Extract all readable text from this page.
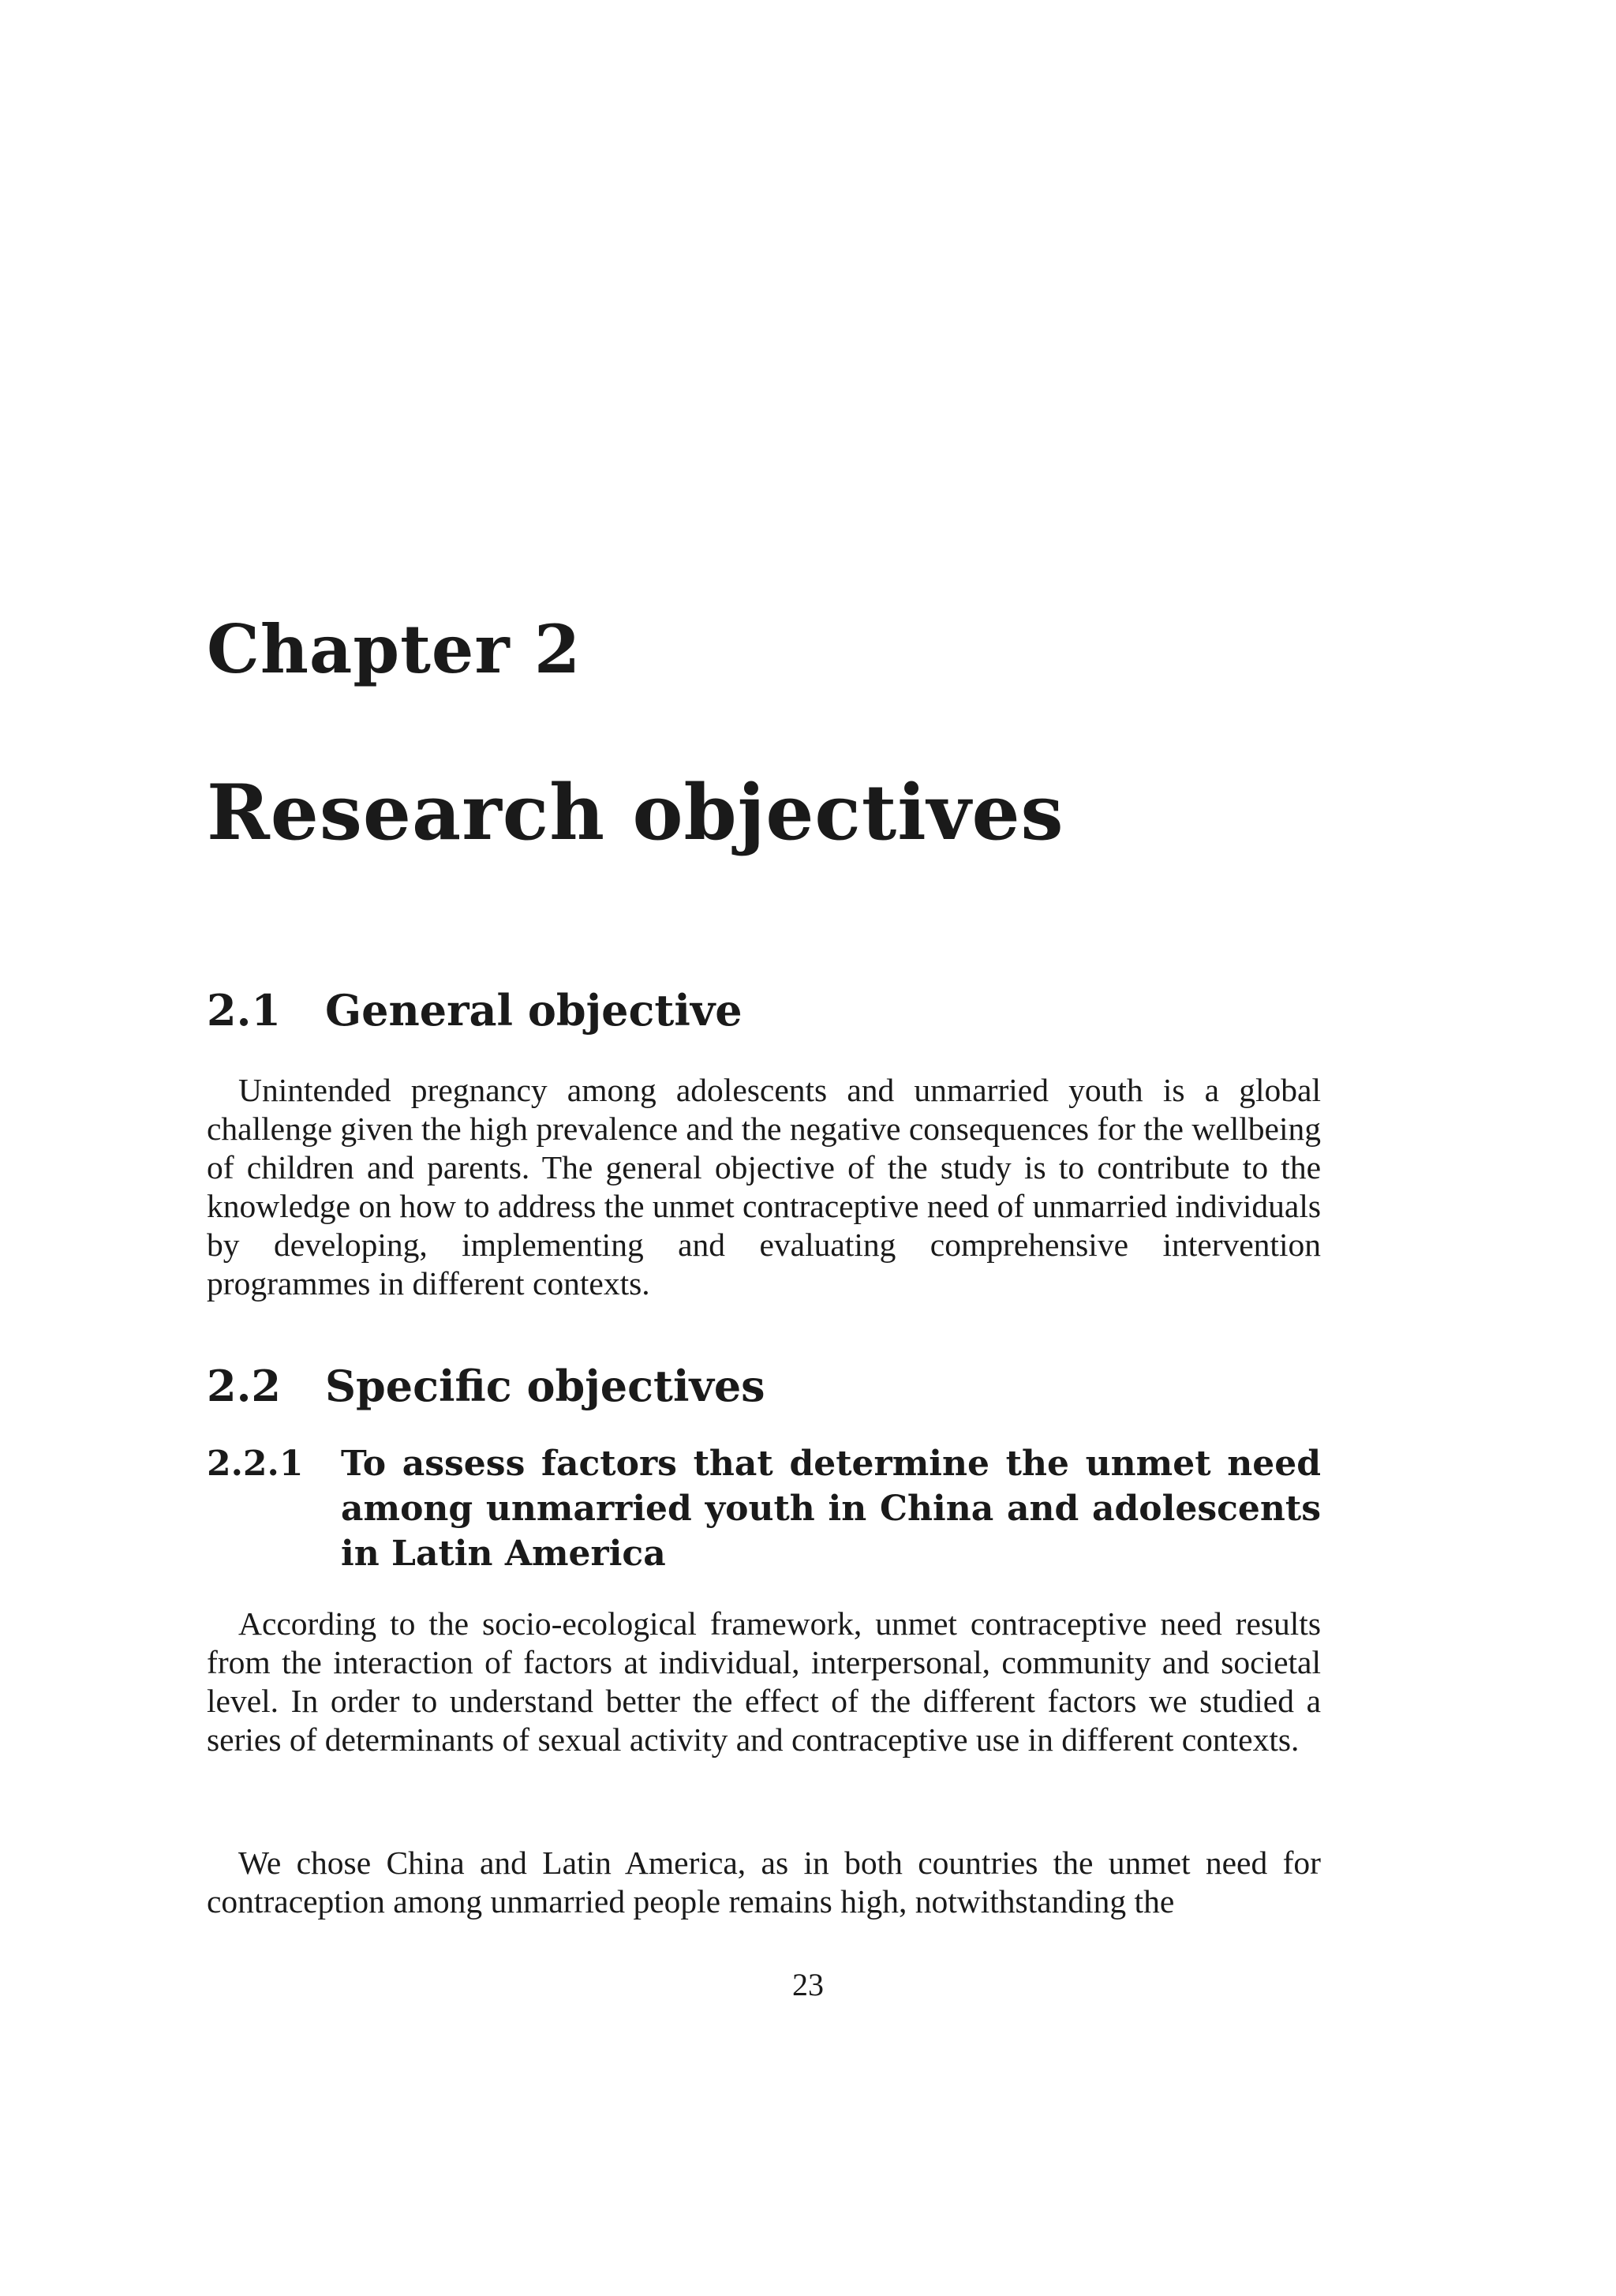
Chapter 2
Research objectives
2.1 General objective

Unintended pregnancy among adolescents and unmarried youth is a global challenge given the high prevalence and the negative consequences for the wellbeing of children and parents. The general objective of the study is to contribute to the knowledge on how to address the unmet contraceptive need of unmarried individuals by developing, implementing and evaluating comprehensive intervention programmes in different contexts.

2.2 Specific objectives
2.2.1	To assess factors that determine the unmet need among unmarried youth in China and adolescents in Latin America

According to the socio-ecological framework, unmet contraceptive need results from the interaction of factors at individual, interpersonal, community and societal level. In order to understand better the effect of the different factors we studied a series of determinants of sexual activity and contraceptive use in different contexts.

We chose China and Latin America, as in both countries the unmet need for contraception among unmarried people remains high, notwithstanding the

23
